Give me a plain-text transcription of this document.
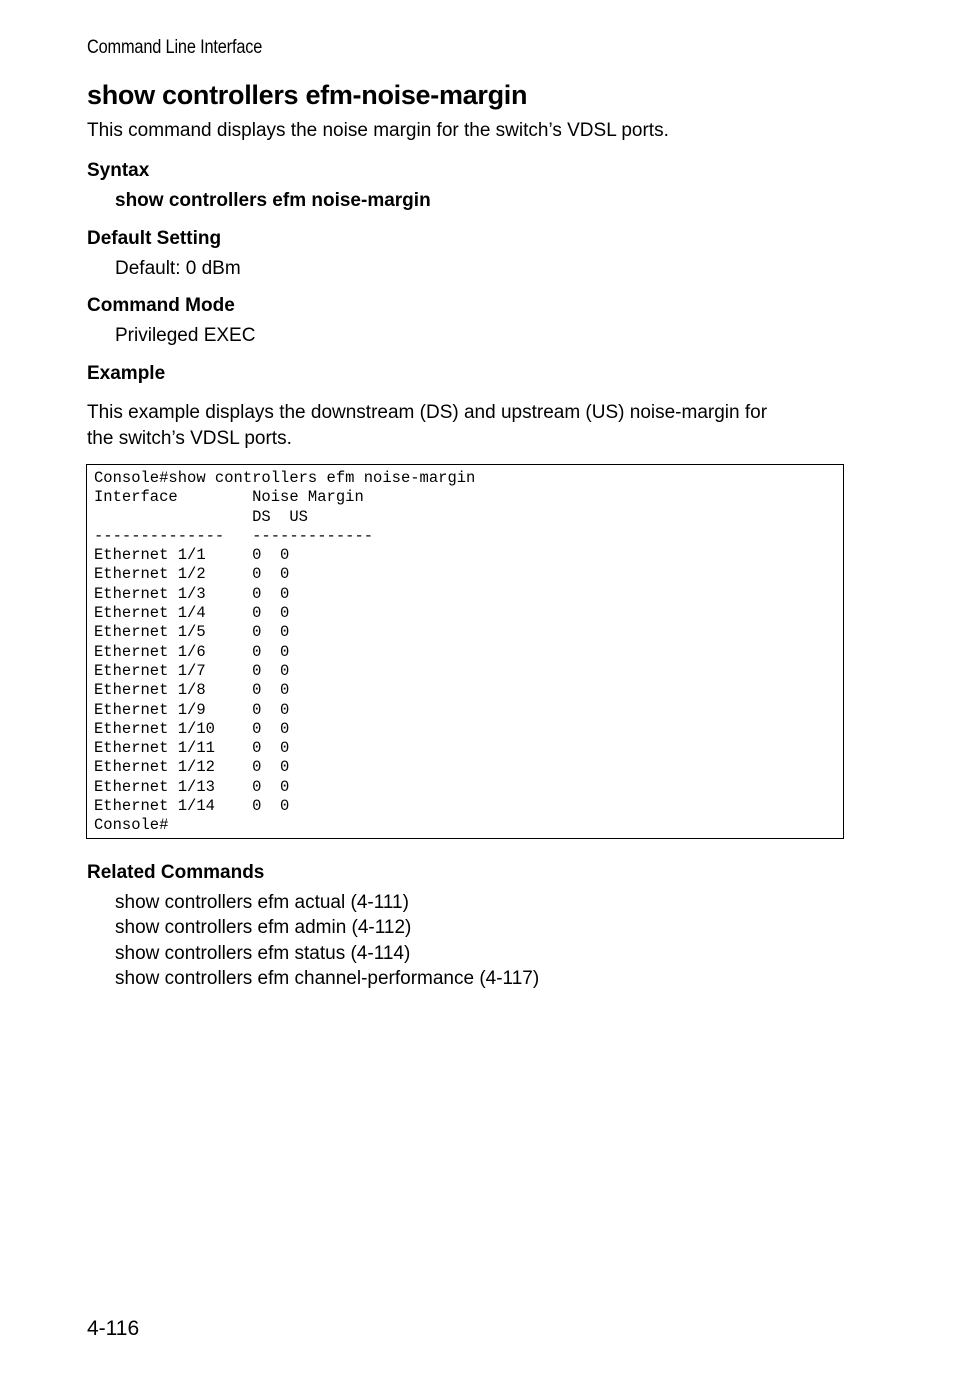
Command Line Interface
show controllers efm-noise-margin
This command displays the noise margin for the switch’s VDSL ports.
Syntax
show controllers efm noise-margin
Default Setting
Default: 0 dBm
Command Mode
Privileged EXEC
Example
This example displays the downstream (DS) and upstream (US) noise-margin for
the switch’s VDSL ports.
Console#show controllers efm noise-margin
Interface        Noise Margin
DS  US
--------------   -------------
Ethernet 1/1     0  0
Ethernet 1/2     0  0
Ethernet 1/3     0  0
Ethernet 1/4     0  0
Ethernet 1/5     0  0
Ethernet 1/6     0  0
Ethernet 1/7     0  0
Ethernet 1/8     0  0
Ethernet 1/9     0  0
Ethernet 1/10    0  0
Ethernet 1/11    0  0
Ethernet 1/12    0  0
Ethernet 1/13    0  0
Ethernet 1/14    0  0
Console#
Related Commands
show controllers efm actual (4-111)
show controllers efm admin (4-112)
show controllers efm status (4-114)
show controllers efm channel-performance (4-117)
4-116
